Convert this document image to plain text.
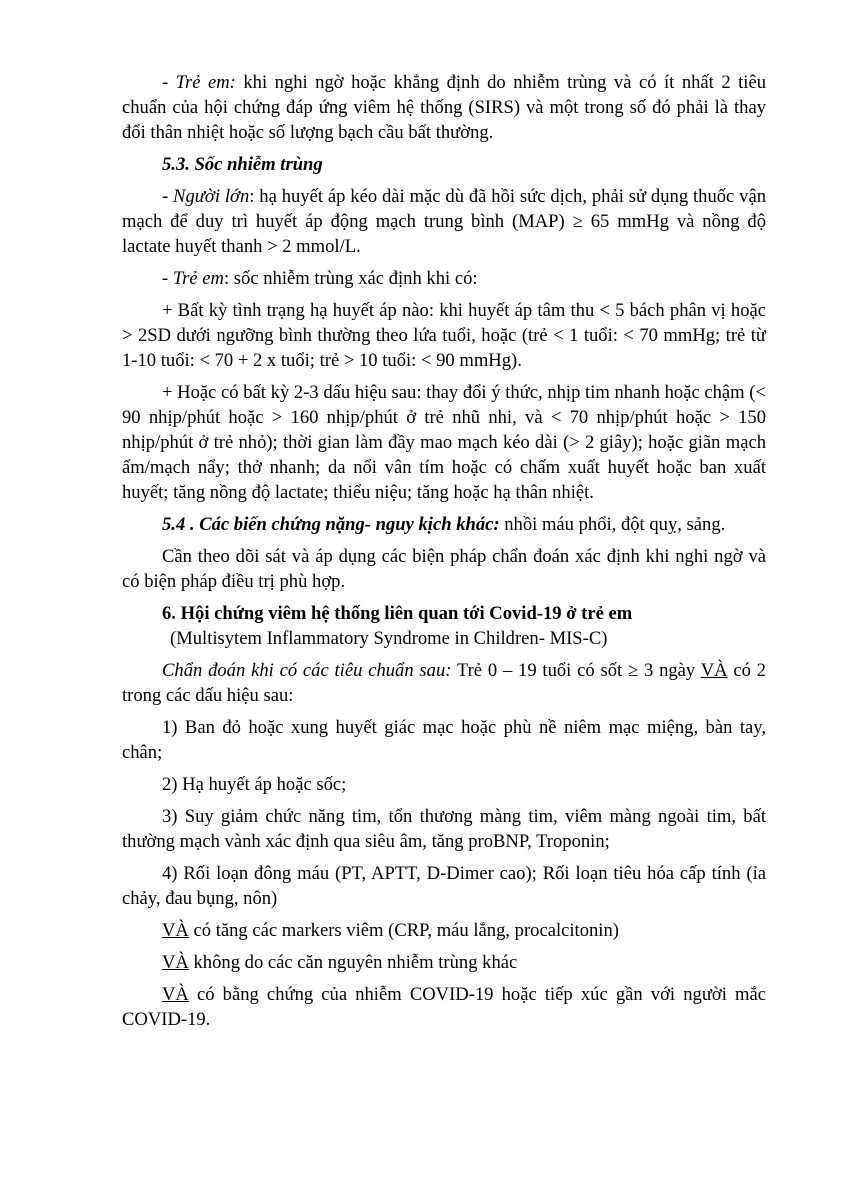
- Trẻ em: khi nghi ngờ hoặc khẳng định do nhiễm trùng và có ít nhất 2 tiêu chuẩn của hội chứng đáp ứng viêm hệ thống (SIRS) và một trong số đó phải là thay đổi thân nhiệt hoặc số lượng bạch cầu bất thường.

5.3. Sốc nhiễm trùng

- Người lớn: hạ huyết áp kéo dài mặc dù đã hồi sức dịch, phải sử dụng thuốc vận mạch để duy trì huyết áp động mạch trung bình (MAP) ≥ 65 mmHg và nồng độ lactate huyết thanh > 2 mmol/L.

- Trẻ em: sốc nhiễm trùng xác định khi có:

+ Bất kỳ tình trạng hạ huyết áp nào: khi huyết áp tâm thu < 5 bách phân vị hoặc > 2SD dưới ngưỡng bình thường theo lứa tuổi, hoặc (trẻ < 1 tuổi: < 70 mmHg; trẻ từ 1-10 tuổi: < 70 + 2 x tuổi; trẻ > 10 tuổi: < 90 mmHg).

+ Hoặc có bất kỳ 2-3 dấu hiệu sau: thay đổi ý thức, nhịp tim nhanh hoặc chậm (< 90 nhịp/phút hoặc > 160 nhịp/phút ở trẻ nhũ nhi, và < 70 nhịp/phút hoặc > 150 nhịp/phút ở trẻ nhỏ); thời gian làm đầy mao mạch kéo dài (> 2 giây); hoặc giãn mạch ấm/mạch nẩy; thở nhanh; da nổi vân tím hoặc có chấm xuất huyết hoặc ban xuất huyết; tăng nồng độ lactate; thiểu niệu; tăng hoặc hạ thân nhiệt.

5.4 . Các biến chứng nặng- nguy kịch khác: nhồi máu phổi, đột quỵ, sảng.

Cần theo dõi sát và áp dụng các biện pháp chẩn đoán xác định khi nghi ngờ và có biện pháp điều trị phù hợp.

6. Hội chứng viêm hệ thống liên quan tới Covid-19 ở trẻ em

(Multisytem Inflammatory Syndrome in Children- MIS-C)

Chẩn đoán khi có các tiêu chuẩn sau: Trẻ 0 – 19 tuổi có sốt ≥ 3 ngày VÀ có 2 trong các dấu hiệu sau:

1) Ban đỏ hoặc xung huyết giác mạc hoặc phù nề niêm mạc miệng, bàn tay, chân;

2) Hạ huyết áp hoặc sốc;

3) Suy giảm chức năng tim, tổn thương màng tim, viêm màng ngoài tim, bất thường mạch vành xác định qua siêu âm, tăng proBNP, Troponin;

4) Rối loạn đông máu (PT, APTT, D-Dimer cao); Rối loạn tiêu hóa cấp tính (ỉa chảy, đau bụng, nôn)

VÀ có tăng các markers viêm (CRP, máu lắng, procalcitonin)

VÀ không do các căn nguyên nhiễm trùng khác

VÀ có bằng chứng của nhiễm COVID-19 hoặc tiếp xúc gần với người mắc COVID-19.
